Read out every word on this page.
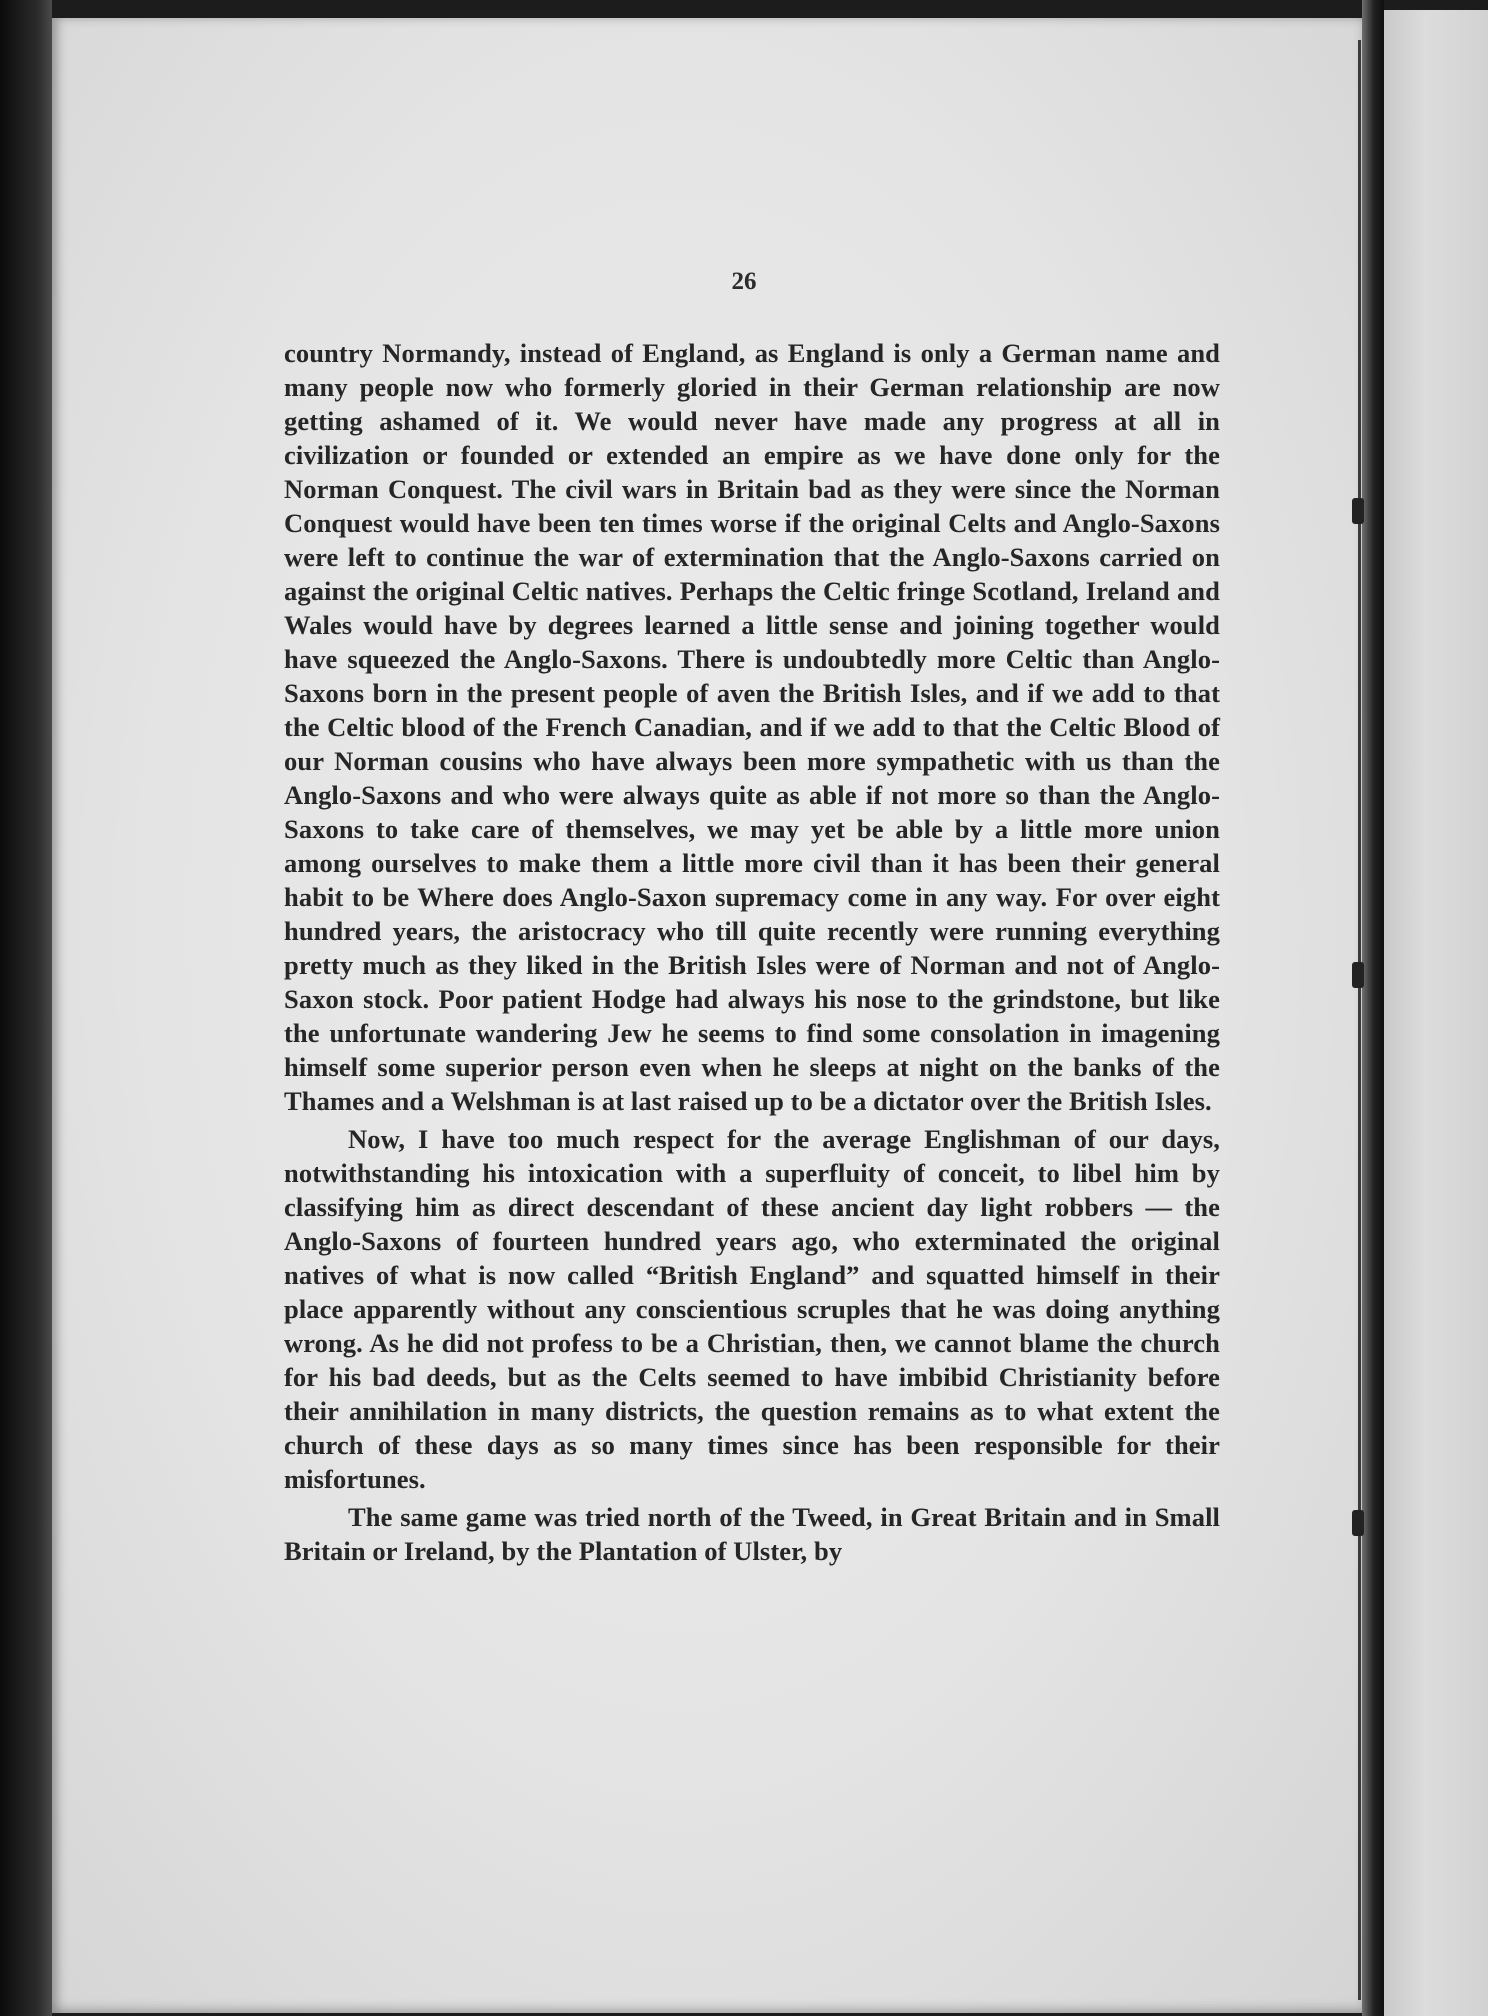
26

country Normandy, instead of England, as England is only a German name and many people now who formerly gloried in their German relationship are now getting ashamed of it. We would never have made any progress at all in civilization or founded or extended an empire as we have done only for the Norman Conquest. The civil wars in Britain bad as they were since the Norman Conquest would have been ten times worse if the original Celts and Anglo-Saxons were left to continue the war of extermination that the Anglo-Saxons carried on against the original Celtic natives. Perhaps the Celtic fringe Scotland, Ireland and Wales would have by degrees learned a little sense and joining together would have squeezed the Anglo-Saxons. There is undoubtedly more Celtic than Anglo-Saxons born in the present people of aven the British Isles, and if we add to that the Celtic blood of the French Canadian, and if we add to that the Celtic Blood of our Norman cousins who have always been more sympathetic with us than the Anglo-Saxons and who were always quite as able if not more so than the Anglo-Saxons to take care of themselves, we may yet be able by a little more union among ourselves to make them a little more civil than it has been their general habit to be Where does Anglo-Saxon supremacy come in any way. For over eight hundred years, the aristocracy who till quite recently were running everything pretty much as they liked in the British Isles were of Norman and not of Anglo-Saxon stock. Poor patient Hodge had always his nose to the grindstone, but like the unfortunate wandering Jew he seems to find some consolation in imagening himself some superior person even when he sleeps at night on the banks of the Thames and a Welshman is at last raised up to be a dictator over the British Isles.

Now, I have too much respect for the average Englishman of our days, notwithstanding his intoxication with a superfluity of conceit, to libel him by classifying him as direct descendant of these ancient day light robbers — the Anglo-Saxons of fourteen hundred years ago, who exterminated the original natives of what is now called “British England” and squatted himself in their place apparently without any conscientious scruples that he was doing anything wrong. As he did not profess to be a Christian, then, we cannot blame the church for his bad deeds, but as the Celts seemed to have imbibid Christianity before their annihilation in many districts, the question remains as to what extent the church of these days as so many times since has been responsible for their misfortunes.

The same game was tried north of the Tweed, in Great Britain and in Small Britain or Ireland, by the Plantation of Ulster, by
